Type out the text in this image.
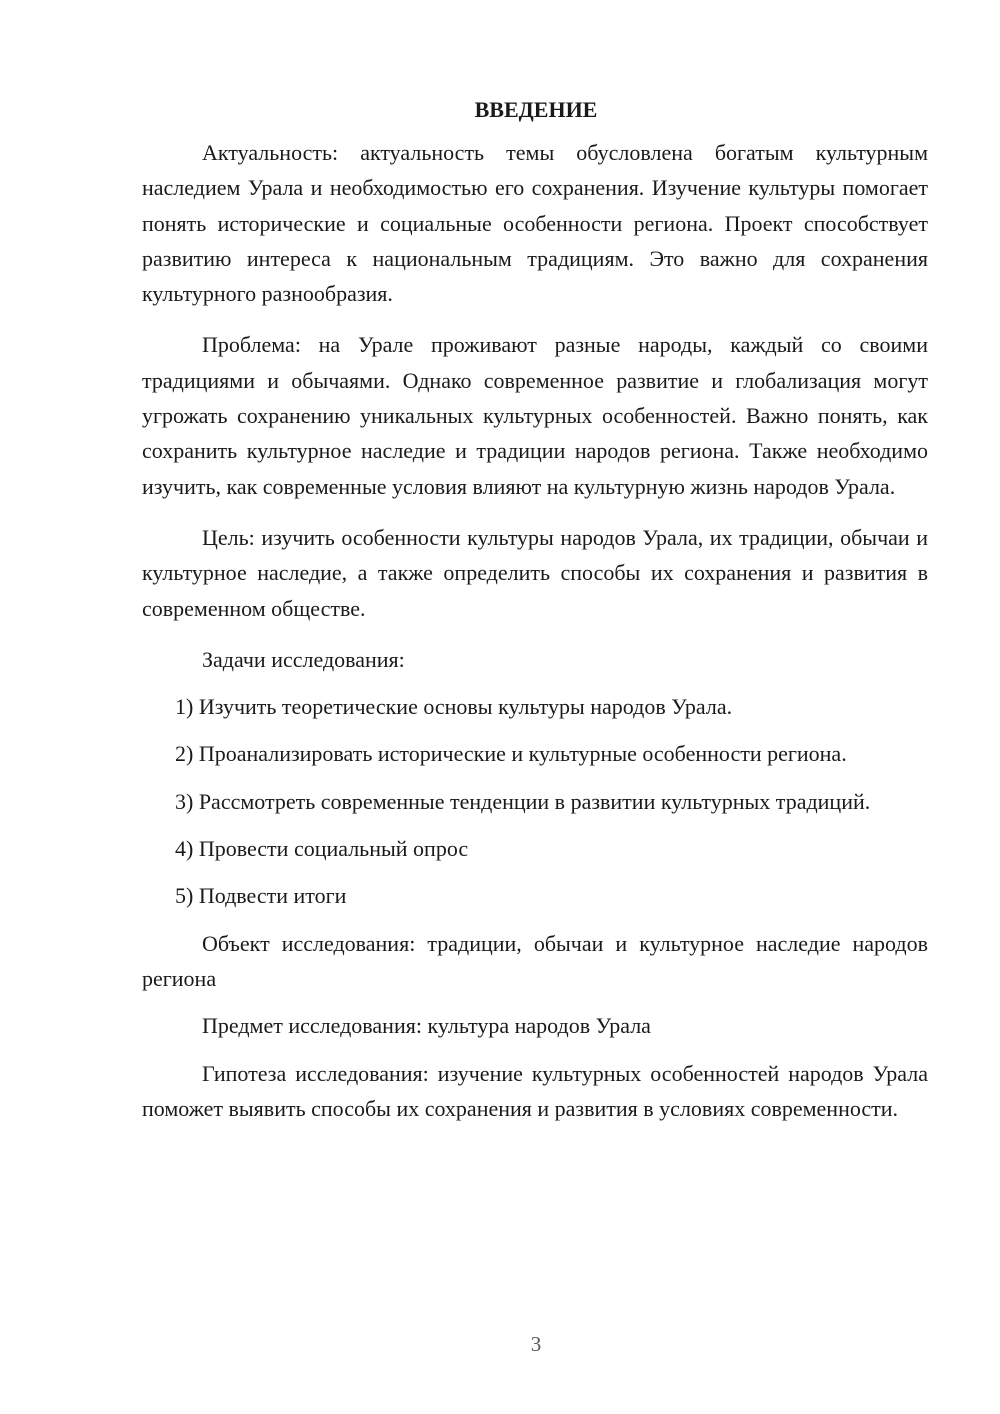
ВВЕДЕНИЕ

Актуальность: актуальность темы обусловлена богатым культурным наследием Урала и необходимостью его сохранения. Изучение культуры помогает понять исторические и социальные особенности региона. Проект способствует развитию интереса к национальным традициям. Это важно для сохранения культурного разнообразия.

Проблема: на Урале проживают разные народы, каждый со своими традициями и обычаями. Однако современное развитие и глобализация могут угрожать сохранению уникальных культурных особенностей. Важно понять, как сохранить культурное наследие и традиции народов региона. Также необходимо изучить, как современные условия влияют на культурную жизнь народов Урала.

Цель: изучить особенности культуры народов Урала, их традиции, обычаи и культурное наследие, а также определить способы их сохранения и развития в современном обществе.

Задачи исследования:

1) Изучить теоретические основы культуры народов Урала.

2) Проанализировать исторические и культурные особенности региона.

3) Рассмотреть современные тенденции в развитии культурных традиций.

4) Провести социальный опрос

5) Подвести итоги

Объект исследования: традиции, обычаи и культурное наследие народов региона

Предмет исследования: культура народов Урала

Гипотеза исследования: изучение культурных особенностей народов Урала поможет выявить способы их сохранения и развития в условиях современности.

3
